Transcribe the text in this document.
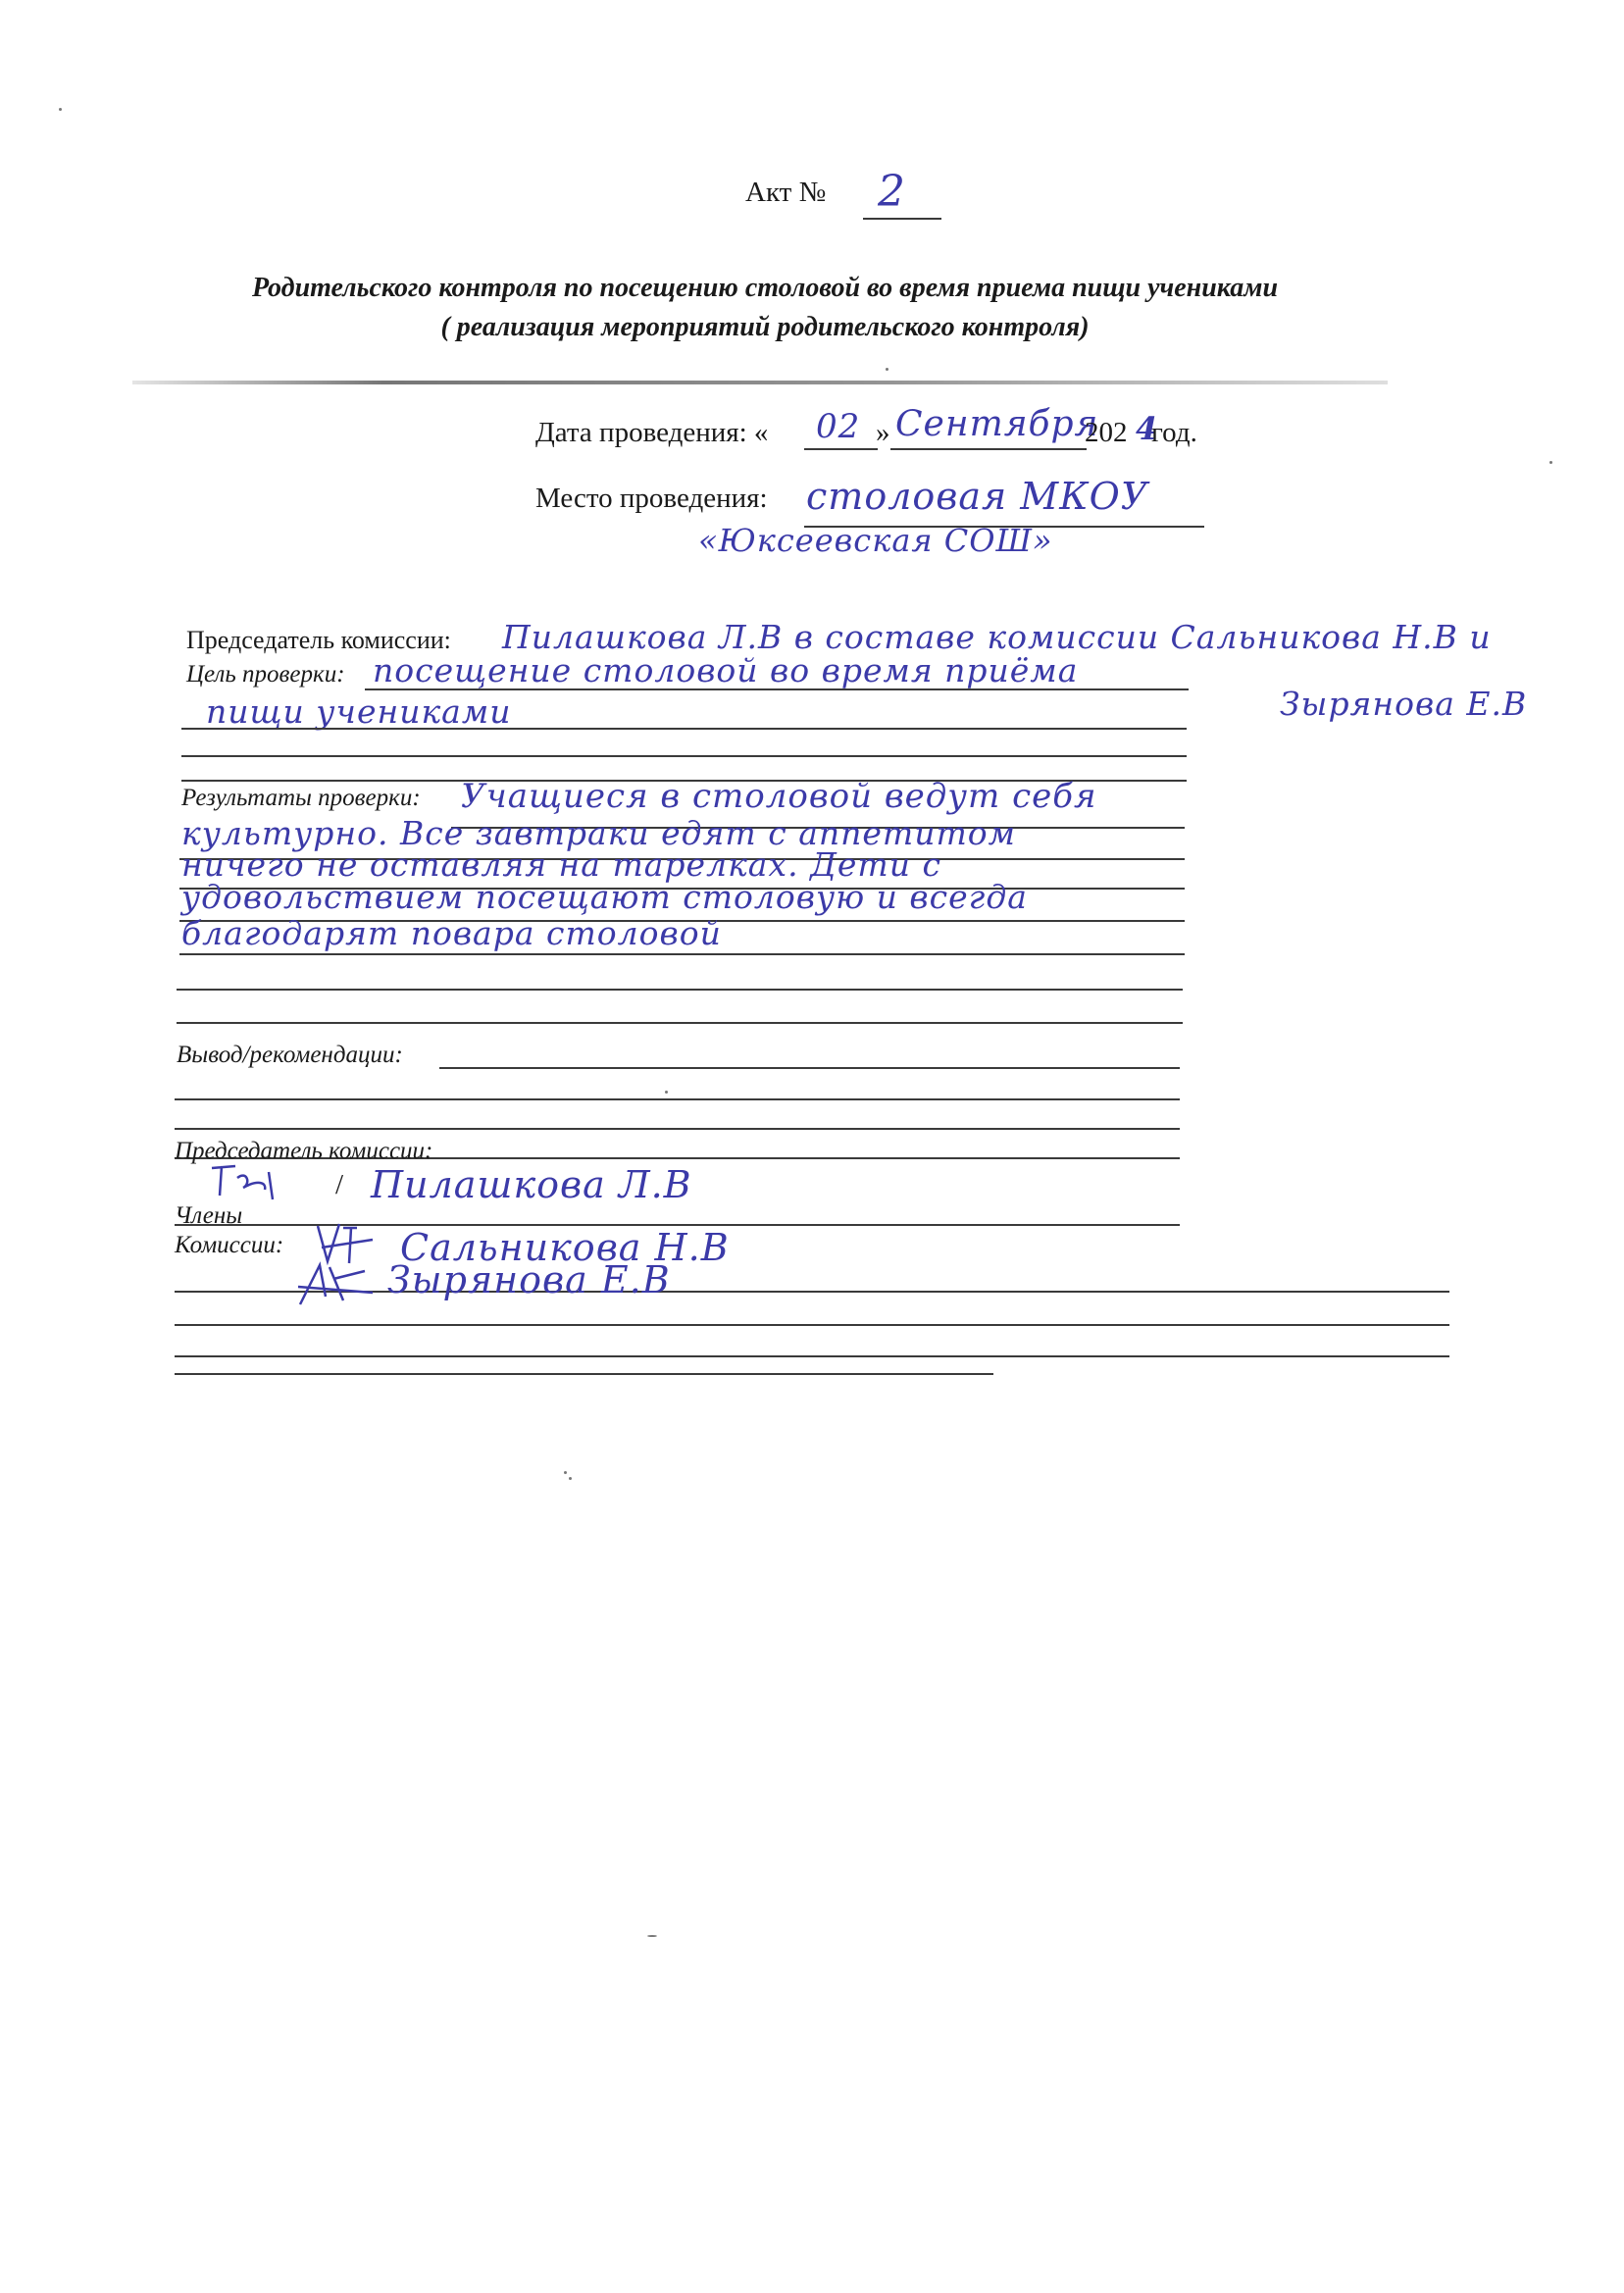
Акт № 2
Родительского контроля по посещению столовой во время приема пищи учениками
( реализация мероприятий родительского контроля)
Дата проведения: « 02 » Сентября
202 4
год.
Место проведения: столовая МКОУ
«Юксеевская СОШ»
Председатель комиссии: Пилашкова Л.В в составе комиссии Сальникова Н.В и
Зырянова Е.В
Цель проверки: посещение столовой во время приёма
пищи учениками
Результаты проверки: Учащиеся в столовой ведут себя
культурно. Все завтраки едят с аппетитом
ничего не оставляя на тарелках. Дети с
удовольствием посещают столовую и всегда
благодарят повара столовой
Вывод/рекомендации:
Председатель комиссии:
/ Пилашкова Л.В
Члены
Комиссии:	Сальникова Н.В
Зырянова Е.В
